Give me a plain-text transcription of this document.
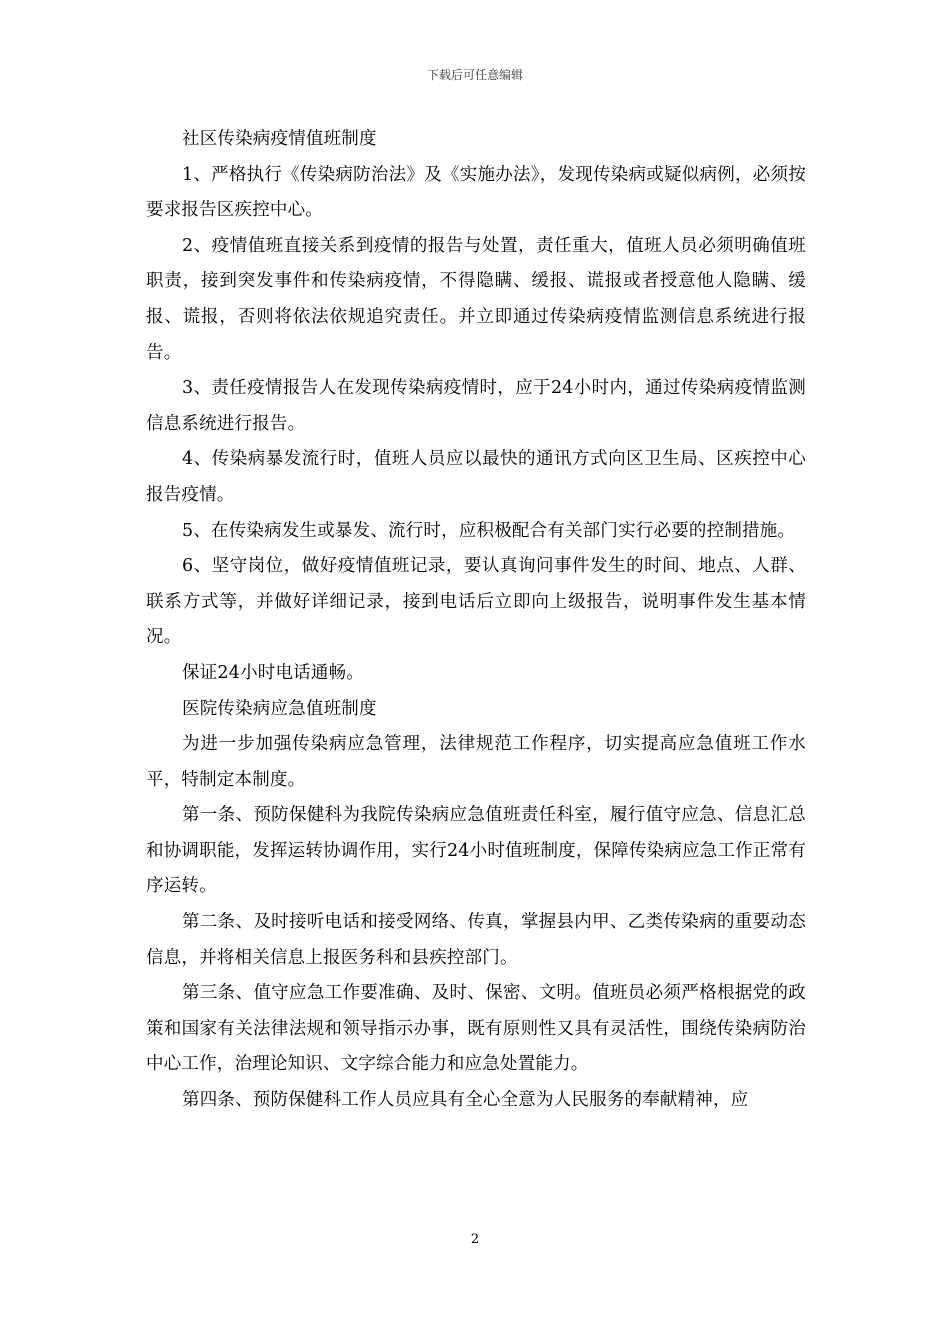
下载后可任意编辑

社区传染病疫情值班制度

1、严格执行《传染病防治法》及《实施办法》，发现传染病或疑似病例，必须按要求报告区疾控中心。

2、疫情值班直接关系到疫情的报告与处置，责任重大，值班人员必须明确值班职责，接到突发事件和传染病疫情，不得隐瞒、缓报、谎报或者授意他人隐瞒、缓报、谎报，否则将依法依规追究责任。并立即通过传染病疫情监测信息系统进行报告。

3、责任疫情报告人在发现传染病疫情时，应于24小时内，通过传染病疫情监测信息系统进行报告。

4、传染病暴发流行时，值班人员应以最快的通讯方式向区卫生局、区疾控中心报告疫情。

5、在传染病发生或暴发、流行时，应积极配合有关部门实行必要的控制措施。

6、坚守岗位，做好疫情值班记录，要认真询问事件发生的时间、地点、人群、联系方式等，并做好详细记录，接到电话后立即向上级报告，说明事件发生基本情况。

保证24小时电话通畅。

医院传染病应急值班制度

为进一步加强传染病应急管理，法律规范工作程序，切实提高应急值班工作水平，特制定本制度。

第一条、预防保健科为我院传染病应急值班责任科室，履行值守应急、信息汇总和协调职能，发挥运转协调作用，实行24小时值班制度，保障传染病应急工作正常有序运转。

第二条、及时接听电话和接受网络、传真，掌握县内甲、乙类传染病的重要动态信息，并将相关信息上报医务科和县疾控部门。

第三条、值守应急工作要准确、及时、保密、文明。值班员必须严格根据党的政策和国家有关法律法规和领导指示办事，既有原则性又具有灵活性，围绕传染病防治中心工作，治理论知识、文字综合能力和应急处置能力。

第四条、预防保健科工作人员应具有全心全意为人民服务的奉献精神，应

2
